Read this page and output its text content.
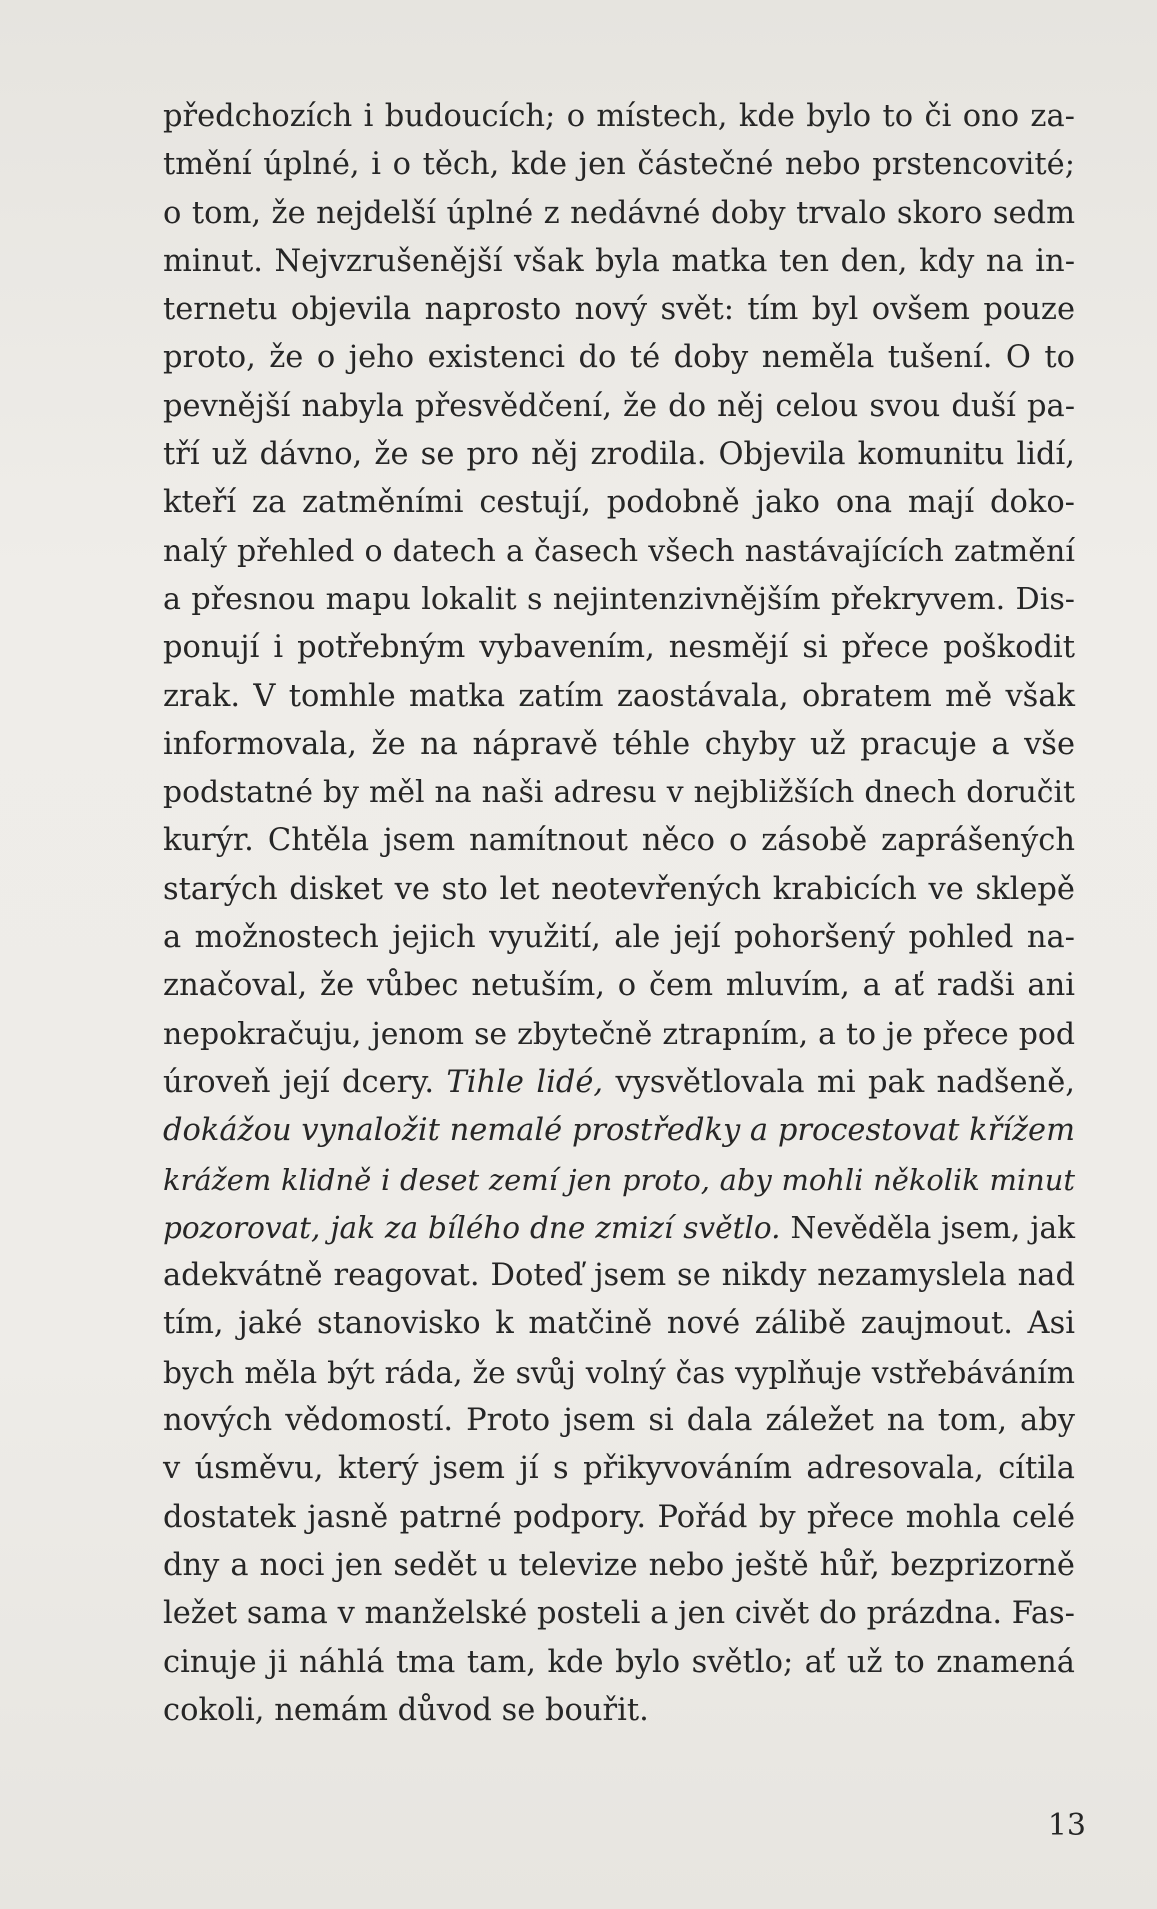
předchozích i budoucích; o místech, kde bylo to či ono za-
tmění úplné, i o těch, kde jen částečné nebo prstencovité;
o tom, že nejdelší úplné z nedávné doby trvalo skoro sedm
minut. Nejvzrušenější však byla matka ten den, kdy na in-
ternetu objevila naprosto nový svět: tím byl ovšem pouze
proto, že o jeho existenci do té doby neměla tušení. O to
pevnější nabyla přesvědčení, že do něj celou svou duší pa-
tří už dávno, že se pro něj zrodila. Objevila komunitu lidí,
kteří za zatměními cestují, podobně jako ona mají doko-
nalý přehled o datech a časech všech nastávajících zatmění
a přesnou mapu lokalit s nejintenzivnějším překryvem. Dis-
ponují i potřebným vybavením, nesmějí si přece poškodit
zrak. V tomhle matka zatím zaostávala, obratem mě však
informovala, že na nápravě téhle chyby už pracuje a vše
podstatné by měl na naši adresu v nejbližších dnech doručit
kurýr. Chtěla jsem namítnout něco o zásobě zaprášených
starých disket ve sto let neotevřených krabicích ve sklepě
a možnostech jejich využití, ale její pohoršený pohled na-
značoval, že vůbec netuším, o čem mluvím, a ať radši ani
nepokračuju, jenom se zbytečně ztrapním, a to je přece pod
úroveň její dcery. Tihle lidé, vysvětlovala mi pak nadšeně,
dokážou vynaložit nemalé prostředky a procestovat křížem
krážem klidně i deset zemí jen proto, aby mohli několik minut
pozorovat, jak za bílého dne zmizí světlo. Nevěděla jsem, jak
adekvátně reagovat. Doteď jsem se nikdy nezamyslela nad
tím, jaké stanovisko k matčině nové zálibě zaujmout. Asi
bych měla být ráda, že svůj volný čas vyplňuje vstřebáváním
nových vědomostí. Proto jsem si dala záležet na tom, aby
v úsměvu, který jsem jí s přikyvováním adresovala, cítila
dostatek jasně patrné podpory. Pořád by přece mohla celé
dny a noci jen sedět u televize nebo ještě hůř, bezprizorně
ležet sama v manželské posteli a jen civět do prázdna. Fas-
cinuje ji náhlá tma tam, kde bylo světlo; ať už to znamená
cokoli, nemám důvod se bouřit.
13
